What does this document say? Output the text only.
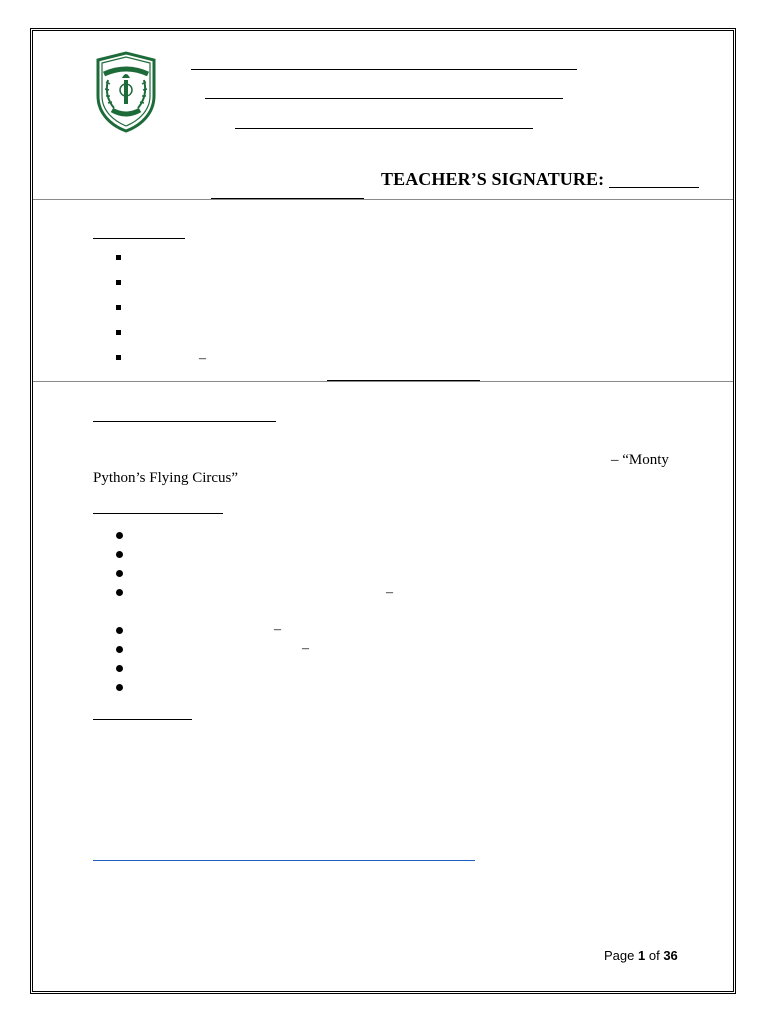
TEACHER’S SIGNATURE:
–
– “Monty
Python’s Flying Circus”
–
–
–
Page 1 of 36
